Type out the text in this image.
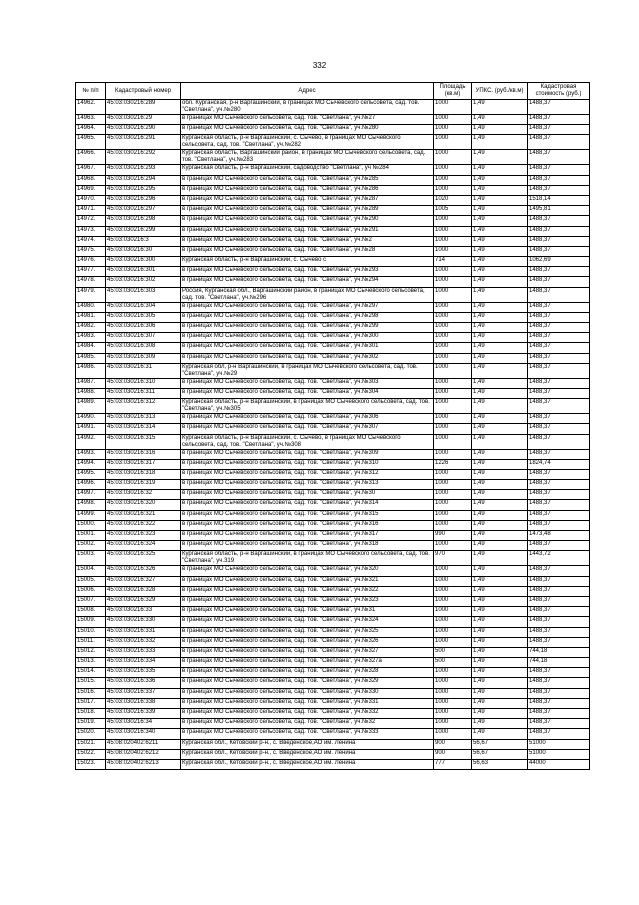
332
№ п/п	Кадастровый номер	Адрес	Площадь (кв.м)	УПКС. (руб./кв.м)	Кадастровая стоимость (руб.)
14962.	45:03:030216:289	обл. Курганская, р-н Варгашинский, в границах МО Сычевского сельсовета, сад. тов. "Светлана", уч.№280	1000	1,49	1488,37
14963.	45:03:030216:29	в границах МО Сычевского сельсовета, сад. тов. "Светлана", уч.№27	1000	1,49	1488,37
14964.	45:03:030216:290	в границах МО Сычевского сельсовета, сад. тов. "Светлана", уч.№280	1000	1,49	1488,37
14965.	45:03:030216:291	Курганская область, р-н Варгашинский, с. Сычево, в границах МО Сычевского сельсовета, сад. тов. "Светлана", уч.№282	1000	1,49	1488,37
14966.	45:03:030216:292	Курганская область, Варгашинский район, в границах МО Сычевского сельсовета, сад. тов. "Светлана", уч.№283	1000	1,49	1488,37
14967.	45:03:030216:293	Курганская область, р-н Варгашинский, садоводство "Светлана", уч №284	1000	1,49	1488,37
14968.	45:03:030216:294	в границах МО Сычевского сельсовета, сад. тов. "Светлана", уч.№285	1000	1,49	1488,37
14969.	45:03:030216:295	в границах МО Сычевского сельсовета, сад. тов. "Светлана", уч.№286	1000	1,49	1488,37
14970.	45:03:030216:296	в границах МО Сычевского сельсовета, сад. тов. "Светлана", уч.№287	1020	1,49	1518,14
14971.	45:03:030216:297	в границах МО Сычевского сельсовета, сад. тов. "Светлана", уч.№289	1005	1,49	1495,81
14972.	45:03:030216:298	в границах МО Сычевского сельсовета, сад. тов. "Светлана", уч.№290	1000	1,49	1488,37
14973.	45:03:030216:299	в границах МО Сычевского сельсовета, сад. тов. "Светлана", уч.№291	1000	1,49	1488,37
14974.	45:03:030216:3	в границах МО Сычевского сельсовета, сад. тов. "Светлана", уч.№2	1000	1,49	1488,37
14975.	45:03:030216:30	в границах МО Сычевского сельсовета, сад. тов. "Светлана", уч.№28	1000	1,49	1488,37
14976.	45:03:030216:300	Курганская область, р-н Варгашинский, с. Сычево с	714	1,49	1062,69
14977.	45:03:030216:301	в границах МО Сычевского сельсовета, сад. тов. "Светлана", уч.№293	1000	1,49	1488,37
14978.	45:03:030216:302	в границах МО Сычевского сельсовета, сад. тов. "Светлана", уч.№294	1000	1,49	1488,37
14979.	45:03:030216:303	Россия, Курганская обл., Варгашинский район, в границах МО Сычевского сельсовета, сад. тов. "Светлана", уч.№296	1000	1,49	1488,37
14980.	45:03:030216:304	в границах МО Сычевского сельсовета, сад. тов. "Светлана", уч.№297	1000	1,49	1488,37
14981.	45:03:030216:305	в границах МО Сычевского сельсовета, сад. тов. "Светлана", уч.№298	1000	1,49	1488,37
14982.	45:03:030216:306	в границах МО Сычевского сельсовета, сад. тов. "Светлана", уч.№299	1000	1,49	1488,37
14983.	45:03:030216:307	в границах МО Сычевского сельсовета, сад. тов. "Светлана", уч.№300	1000	1,49	1488,37
14984.	45:03:030216:308	в границах МО Сычевского сельсовета, сад. тов. "Светлана", уч.№301	1000	1,49	1488,37
14985.	45:03:030216:309	в границах МО Сычевского сельсовета, сад. тов. "Светлана", уч.№302	1000	1,49	1488,37
14986.	45:03:030216:31	Курганская обл, р-н Варгашинский, в границах МО Сычевского сельсовета, сад. тов. "Светлана", уч.№29	1000	1,49	1488,37
14987.	45:03:030216:310	в границах МО Сычевского сельсовета, сад. тов. "Светлана", уч.№303	1000	1,49	1488,37
14988.	45:03:030216:311	в границах МО Сычевского сельсовета, сад. тов. "Светлана", уч.№304	1000	1,49	1488,37
14989.	45:03:030216:312	Курганская область, р-н Варгашинский, в границах МО Сычевского сельсовета, сад. тов. "Светлана", уч.№305	1000	1,49	1488,37
14990.	45:03:030216:313	в границах МО Сычевского сельсовета, сад. тов. "Светлана", уч.№306	1000	1,49	1488,37
14991.	45:03:030216:314	в границах МО Сычевского сельсовета, сад. тов. "Светлана", уч.№307	1000	1,49	1488,37
14992.	45:03:030216:315	Курганская область, р-н Варгашинский, с. Сычево, в границах МО Сычевского сельсовета, сад. тов. "Светлана", уч.№308	1000	1,49	1488,37
14993.	45:03:030216:316	в границах МО Сычевского сельсовета, сад. тов. "Светлана", уч.№309	1000	1,49	1488,37
14994.	45:03:030216:317	в границах МО Сычевского сельсовета, сад. тов. "Светлана", уч.№310	1226	1,49	1824,74
14995.	45:03:030216:318	в границах МО Сычевского сельсовета, сад. тов. "Светлана", уч.№312	1000	1,49	1488,37
14996.	45:03:030216:319	в границах МО Сычевского сельсовета, сад. тов. "Светлана", уч.№313	1000	1,49	1488,37
14997.	45:03:030216:32	в границах МО Сычевского сельсовета, сад. тов. "Светлана", уч.№30	1000	1,49	1488,37
14998.	45:03:030216:320	в границах МО Сычевского сельсовета, сад. тов. "Светлана", уч.№314	1000	1,49	1488,37
14999.	45:03:030216:321	в границах МО Сычевского сельсовета, сад. тов. "Светлана", уч.№315	1000	1,49	1488,37
15000.	45:03:030216:322	в границах МО Сычевского сельсовета, сад. тов. "Светлана", уч.№316	1000	1,49	1488,37
15001.	45:03:030216:323	в границах МО Сычевского сельсовета, сад. тов. "Светлана", уч.№317	990	1,49	1473,48
15002.	45:03:030216:324	в границах МО Сычевского сельсовета, сад. тов. "Светлана", уч.№318	1000	1,49	1488,37
15003.	45:03:030216:325	Курганская область, р-н Варгашинский, в границах МО Сычевского сельсовета, сад. тов. "Светлана", уч.319	970	1,49	1443,72
15004.	45:03:030216:326	в границах МО Сычевского сельсовета, сад. тов. "Светлана", уч.№320	1000	1,49	1488,37
15005.	45:03:030216:327	в границах МО Сычевского сельсовета, сад. тов. "Светлана", уч.№321	1000	1,49	1488,37
15006.	45:03:030216:328	в границах МО Сычевского сельсовета, сад. тов. "Светлана", уч.№322	1000	1,49	1488,37
15007.	45:03:030216:329	в границах МО Сычевского сельсовета, сад. тов. "Светлана", уч.№323	1000	1,49	1488,37
15008.	45:03:030216:33	в границах МО Сычевского сельсовета, сад. тов. "Светлана", уч.№31	1000	1,49	1488,37
15009.	45:03:030216:330	в границах МО Сычевского сельсовета, сад. тов. "Светлана", уч.№324	1000	1,49	1488,37
15010.	45:03:030216:331	в границах МО Сычевского сельсовета, сад. тов. "Светлана", уч.№325	1000	1,49	1488,37
15011.	45:03:030216:332	в границах МО Сычевского сельсовета, сад. тов. "Светлана", уч.№326	1000	1,49	1488,37
15012.	45:03:030216:333	в границах МО Сычевского сельсовета, сад. тов. "Светлана", уч.№327	500	1,49	744,18
15013.	45:03:030216:334	в границах МО Сычевского сельсовета, сад. тов. "Светлана", уч.№327а	500	1,49	744,18
15014.	45:03:030216:335	в границах МО Сычевского сельсовета, сад. тов. "Светлана", уч.№328	1000	1,49	1488,37
15015.	45:03:030216:336	в границах МО Сычевского сельсовета, сад. тов. "Светлана", уч.№329	1000	1,49	1488,37
15016.	45:03:030216:337	в границах МО Сычевского сельсовета, сад. тов. "Светлана", уч.№330	1000	1,49	1488,37
15017.	45:03:030216:338	в границах МО Сычевского сельсовета, сад. тов. "Светлана", уч.№331	1000	1,49	1488,37
15018.	45:03:030216:339	в границах МО Сычевского сельсовета, сад. тов. "Светлана", уч.№332	1000	1,49	1488,37
15019.	45:03:030216:34	в границах МО Сычевского сельсовета, сад. тов. "Светлана", уч.№32	1000	1,49	1488,37
15020.	45:03:030216:340	в границах МО Сычевского сельсовета, сад. тов. "Светлана", уч.№333	1000	1,49	1488,37
15021.	45:08:020402:6211	Курганская обл., Кетовский р-н., с. Введенское,АО им. Ленина	900	56,67	51000
15022.	45:08:020402:6212	Курганская обл., Кетовский р-н., с. Введенское,АО им. Ленина	900	56,67	51000
15023.	45:08:020402:6213	Курганская обл., Кетовский р-н., с. Введенское,АО им. Ленина	777	56,63	44000
